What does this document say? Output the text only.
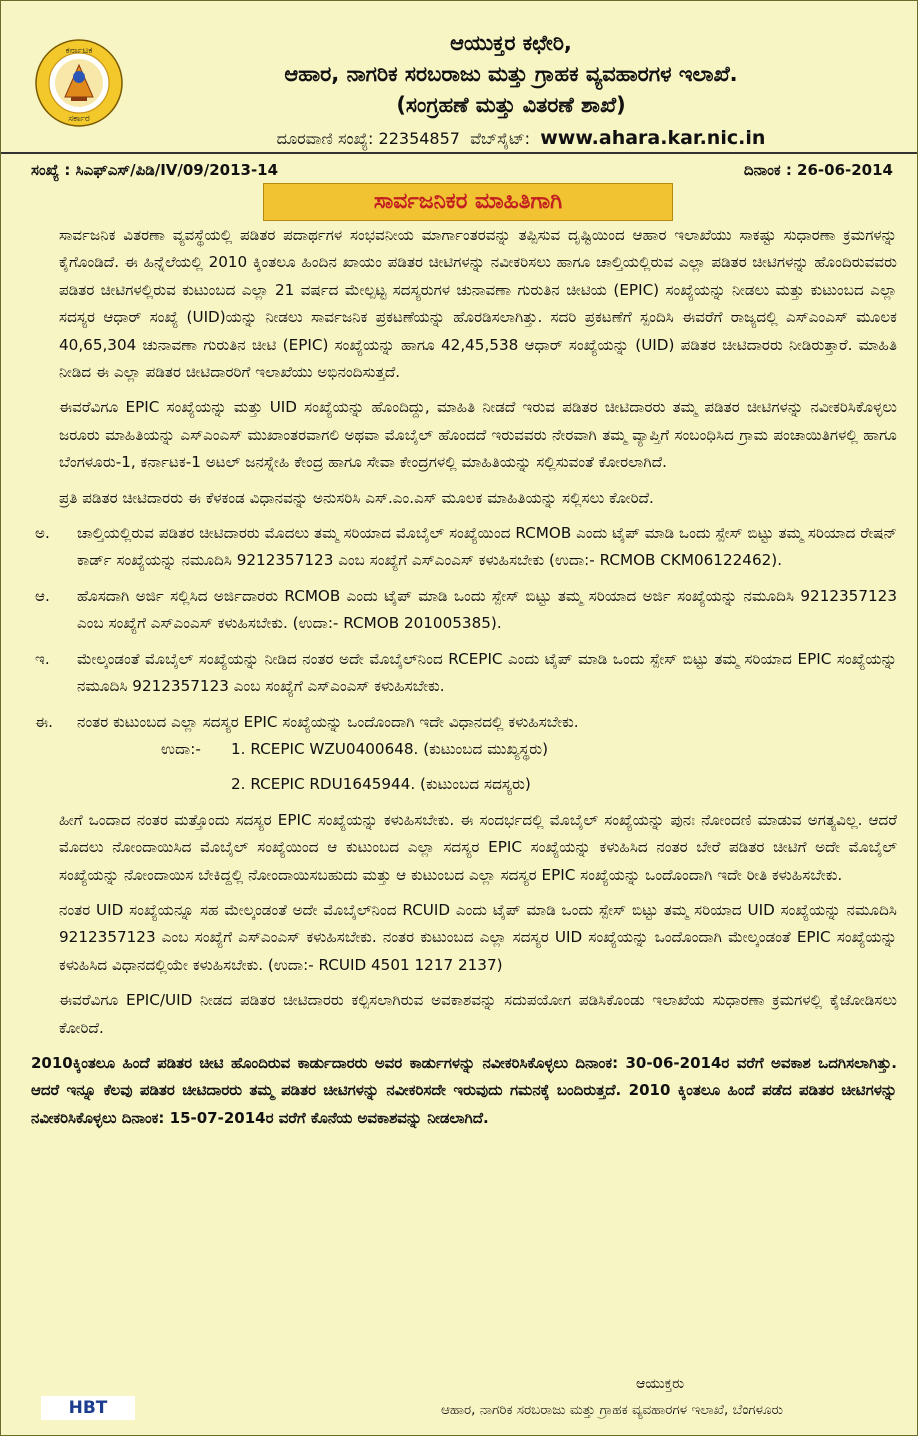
ಕರ್ನಾಟಕ
ಸರ್ಕಾರ
ಆಯುಕ್ತರ ಕಛೇರಿ,
ಆಹಾರ, ನಾಗರಿಕ ಸರಬರಾಜು ಮತ್ತು ಗ್ರಾಹಕ ವ್ಯವಹಾರಗಳ ಇಲಾಖೆ.
(ಸಂಗ್ರಹಣೆ ಮತ್ತು ವಿತರಣೆ ಶಾಖೆ)
ದೂರವಾಣಿ ಸಂಖ್ಯೆ: 22354857 ವೆಬ್‌ಸೈಟ್: www.ahara.kar.nic.in
ಸಂಖ್ಯೆ : ಸಿಎಫ್‌ಎಸ್/ಪಿಡಿ/IV/09/2013-14	ದಿನಾಂಕ : 26-06-2014
ಸಾರ್ವಜನಿಕರ ಮಾಹಿತಿಗಾಗಿ

ಸಾರ್ವಜನಿಕ ವಿತರಣಾ ವ್ಯವಸ್ಥೆಯಲ್ಲಿ ಪಡಿತರ ಪದಾರ್ಥಗಳ ಸಂಭವನೀಯ ಮಾರ್ಗಾಂತರವನ್ನು ತಪ್ಪಿಸುವ ದೃಷ್ಟಿಯಿಂದ ಆಹಾರ ಇಲಾಖೆಯು ಸಾಕಷ್ಟು ಸುಧಾರಣಾ ಕ್ರಮಗಳನ್ನು ಕೈಗೊಂಡಿದೆ. ಈ ಹಿನ್ನೆಲೆಯಲ್ಲಿ 2010 ಕ್ಕಿಂತಲೂ ಹಿಂದಿನ ಖಾಯಂ ಪಡಿತರ ಚೀಟಿಗಳನ್ನು ನವೀಕರಿಸಲು ಹಾಗೂ ಚಾಲ್ತಿಯಲ್ಲಿರುವ ಎಲ್ಲಾ ಪಡಿತರ ಚೀಟಿಗಳನ್ನು ಹೊಂದಿರುವವರು ಪಡಿತರ ಚೀಟಿಗಳಲ್ಲಿರುವ ಕುಟುಂಬದ ಎಲ್ಲಾ 21 ವರ್ಷದ ಮೇಲ್ಪಟ್ಟ ಸದಸ್ಯರುಗಳ ಚುನಾವಣಾ ಗುರುತಿನ ಚೀಟಿಯ (EPIC) ಸಂಖ್ಯೆಯನ್ನು ನೀಡಲು ಮತ್ತು ಕುಟುಂಬದ ಎಲ್ಲಾ ಸದಸ್ಯರ ಆಧಾರ್ ಸಂಖ್ಯೆ (UID)ಯನ್ನು ನೀಡಲು ಸಾರ್ವಜನಿಕ ಪ್ರಕಟಣೆಯನ್ನು ಹೊರಡಿಸಲಾಗಿತ್ತು. ಸದರಿ ಪ್ರಕಟಣೆಗೆ ಸ್ಪಂದಿಸಿ ಈವರೆಗೆ ರಾಜ್ಯದಲ್ಲಿ ಎಸ್‌ಎಂಎಸ್ ಮೂಲಕ 40,65,304 ಚುನಾವಣಾ ಗುರುತಿನ ಚೀಟಿ (EPIC) ಸಂಖ್ಯೆಯನ್ನು ಹಾಗೂ 42,45,538 ಆಧಾರ್ ಸಂಖ್ಯೆಯನ್ನು (UID) ಪಡಿತರ ಚೀಟಿದಾರರು ನೀಡಿರುತ್ತಾರೆ. ಮಾಹಿತಿ ನೀಡಿದ ಈ ಎಲ್ಲಾ ಪಡಿತರ ಚೀಟಿದಾರರಿಗೆ ಇಲಾಖೆಯು ಅಭಿನಂದಿಸುತ್ತದೆ.

ಈವರೆವಿಗೂ EPIC ಸಂಖ್ಯೆಯನ್ನು ಮತ್ತು UID ಸಂಖ್ಯೆಯನ್ನು ಹೊಂದಿದ್ದು, ಮಾಹಿತಿ ನೀಡದೆ ಇರುವ ಪಡಿತರ ಚೀಟಿದಾರರು ತಮ್ಮ ಪಡಿತರ ಚೀಟಿಗಳನ್ನು ನವೀಕರಿಸಿಕೊಳ್ಳಲು ಜರೂರು ಮಾಹಿತಿಯನ್ನು ಎಸ್‌ಎಂಎಸ್ ಮುಖಾಂತರವಾಗಲಿ ಅಥವಾ ಮೊಬೈಲ್ ಹೊಂದದೆ ಇರುವವರು ನೇರವಾಗಿ ತಮ್ಮ ವ್ಯಾಪ್ತಿಗೆ ಸಂಬಂಧಿಸಿದ ಗ್ರಾಮ ಪಂಚಾಯಿತಿಗಳಲ್ಲಿ ಹಾಗೂ ಬೆಂಗಳೂರು-1, ಕರ್ನಾಟಕ-1 ಅಟಲ್ ಜನಸ್ನೇಹಿ ಕೇಂದ್ರ ಹಾಗೂ ಸೇವಾ ಕೇಂದ್ರಗಳಲ್ಲಿ ಮಾಹಿತಿಯನ್ನು ಸಲ್ಲಿಸುವಂತೆ ಕೋರಲಾಗಿದೆ.

ಪ್ರತಿ ಪಡಿತರ ಚೀಟಿದಾರರು ಈ ಕೆಳಕಂಡ ವಿಧಾನವನ್ನು ಅನುಸರಿಸಿ ಎಸ್.ಎಂ.ಎಸ್ ಮೂಲಕ ಮಾಹಿತಿಯನ್ನು ಸಲ್ಲಿಸಲು ಕೋರಿದೆ.

ಅ.	ಚಾಲ್ತಿಯಲ್ಲಿರುವ ಪಡಿತರ ಚೀಟಿದಾರರು ಮೊದಲು ತಮ್ಮ ಸರಿಯಾದ ಮೊಬೈಲ್ ಸಂಖ್ಯೆಯಿಂದ RCMOB ಎಂದು ಟೈಪ್ ಮಾಡಿ ಒಂದು ಸ್ಪೇಸ್ ಬಿಟ್ಟು ತಮ್ಮ ಸರಿಯಾದ ರೇಷನ್ ಕಾರ್ಡ್ ಸಂಖ್ಯೆಯನ್ನು ನಮೂದಿಸಿ 9212357123 ಎಂಬ ಸಂಖ್ಯೆಗೆ ಎಸ್‌ಎಂಎಸ್ ಕಳುಹಿಸಬೇಕು (ಉದಾ:- RCMOB CKM06122462).
ಆ.	ಹೊಸದಾಗಿ ಅರ್ಜಿ ಸಲ್ಲಿಸಿದ ಅರ್ಜಿದಾರರು RCMOB ಎಂದು ಟೈಪ್ ಮಾಡಿ ಒಂದು ಸ್ಪೇಸ್ ಬಿಟ್ಟು ತಮ್ಮ ಸರಿಯಾದ ಅರ್ಜಿ ಸಂಖ್ಯೆಯನ್ನು ನಮೂದಿಸಿ 9212357123 ಎಂಬ ಸಂಖ್ಯೆಗೆ ಎಸ್‌ಎಂಎಸ್ ಕಳುಹಿಸಬೇಕು. (ಉದಾ:- RCMOB 201005385).
ಇ.	ಮೇಲ್ಕಂಡಂತೆ ಮೊಬೈಲ್ ಸಂಖ್ಯೆಯನ್ನು ನೀಡಿದ ನಂತರ ಅದೇ ಮೊಬೈಲ್‌ನಿಂದ RCEPIC ಎಂದು ಟೈಪ್ ಮಾಡಿ ಒಂದು ಸ್ಪೇಸ್ ಬಿಟ್ಟು ತಮ್ಮ ಸರಿಯಾದ EPIC ಸಂಖ್ಯೆಯನ್ನು ನಮೂದಿಸಿ 9212357123 ಎಂಬ ಸಂಖ್ಯೆಗೆ ಎಸ್‌ಎಂಎಸ್ ಕಳುಹಿಸಬೇಕು.
ಈ.	ನಂತರ ಕುಟುಂಬದ ಎಲ್ಲಾ ಸದಸ್ಯರ EPIC ಸಂಖ್ಯೆಯನ್ನು ಒಂದೊಂದಾಗಿ ಇದೇ ವಿಧಾನದಲ್ಲಿ ಕಳುಹಿಸಬೇಕು.

ಉದಾ:- 1. RCEPIC WZU0400648. (ಕುಟುಂಬದ ಮುಖ್ಯಸ್ಥರು)

2. RCEPIC RDU1645944. (ಕುಟುಂಬದ ಸದಸ್ಯರು)

ಹೀಗೆ ಒಂದಾದ ನಂತರ ಮತ್ತೊಂದು ಸದಸ್ಯರ EPIC ಸಂಖ್ಯೆಯನ್ನು ಕಳುಹಿಸಬೇಕು. ಈ ಸಂದರ್ಭದಲ್ಲಿ ಮೊಬೈಲ್ ಸಂಖ್ಯೆಯನ್ನು ಪುನಃ ನೋಂದಣಿ ಮಾಡುವ ಅಗತ್ಯವಿಲ್ಲ. ಆದರೆ ಮೊದಲು ನೋಂದಾಯಿಸಿದ ಮೊಬೈಲ್ ಸಂಖ್ಯೆಯಿಂದ ಆ ಕುಟುಂಬದ ಎಲ್ಲಾ ಸದಸ್ಯರ EPIC ಸಂಖ್ಯೆಯನ್ನು ಕಳುಹಿಸಿದ ನಂತರ ಬೇರೆ ಪಡಿತರ ಚೀಟಿಗೆ ಅದೇ ಮೊಬೈಲ್ ಸಂಖ್ಯೆಯನ್ನು ನೋಂದಾಯಿಸ ಬೇಕಿದ್ದಲ್ಲಿ ನೋಂದಾಯಿಸಬಹುದು ಮತ್ತು ಆ ಕುಟುಂಬದ ಎಲ್ಲಾ ಸದಸ್ಯರ EPIC ಸಂಖ್ಯೆಯನ್ನು ಒಂದೊಂದಾಗಿ ಇದೇ ರೀತಿ ಕಳುಹಿಸಬೇಕು.

ನಂತರ UID ಸಂಖ್ಯೆಯನ್ನೂ ಸಹ ಮೇಲ್ಕಂಡಂತೆ ಅದೇ ಮೊಬೈಲ್‌ನಿಂದ RCUID ಎಂದು ಟೈಪ್ ಮಾಡಿ ಒಂದು ಸ್ಪೇಸ್ ಬಿಟ್ಟು ತಮ್ಮ ಸರಿಯಾದ UID ಸಂಖ್ಯೆಯನ್ನು ನಮೂದಿಸಿ 9212357123 ಎಂಬ ಸಂಖ್ಯೆಗೆ ಎಸ್‌ಎಂಎಸ್ ಕಳುಹಿಸಬೇಕು. ನಂತರ ಕುಟುಂಬದ ಎಲ್ಲಾ ಸದಸ್ಯರ UID ಸಂಖ್ಯೆಯನ್ನು ಒಂದೊಂದಾಗಿ ಮೇಲ್ಕಂಡಂತೆ EPIC ಸಂಖ್ಯೆಯನ್ನು ಕಳುಹಿಸಿದ ವಿಧಾನದಲ್ಲಿಯೇ ಕಳುಹಿಸಬೇಕು. (ಉದಾ:- RCUID 4501 1217 2137)

ಈವರೆವಿಗೂ EPIC/UID ನೀಡದ ಪಡಿತರ ಚೀಟಿದಾರರು ಕಲ್ಪಿಸಲಾಗಿರುವ ಅವಕಾಶವನ್ನು ಸದುಪಯೋಗ ಪಡಿಸಿಕೊಂಡು ಇಲಾಖೆಯ ಸುಧಾರಣಾ ಕ್ರಮಗಳಲ್ಲಿ ಕೈಜೋಡಿಸಲು ಕೋರಿದೆ.

2010ಕ್ಕಿಂತಲೂ ಹಿಂದೆ ಪಡಿತರ ಚೀಟಿ ಹೊಂದಿರುವ ಕಾರ್ಡುದಾರರು ಅವರ ಕಾರ್ಡುಗಳನ್ನು ನವೀಕರಿಸಿಕೊಳ್ಳಲು ದಿನಾಂಕ: 30-06-2014ರ ವರೆಗೆ ಅವಕಾಶ ಒದಗಿಸಲಾಗಿತ್ತು. ಆದರೆ ಇನ್ನೂ ಕೆಲವು ಪಡಿತರ ಚೀಟಿದಾರರು ತಮ್ಮ ಪಡಿತರ ಚೀಟಿಗಳನ್ನು ನವೀಕರಿಸದೇ ಇರುವುದು ಗಮನಕ್ಕೆ ಬಂದಿರುತ್ತದೆ. 2010 ಕ್ಕಿಂತಲೂ ಹಿಂದೆ ಪಡೆದ ಪಡಿತರ ಚೀಟಿಗಳನ್ನು ನವೀಕರಿಸಿಕೊಳ್ಳಲು ದಿನಾಂಕ: 15-07-2014ರ ವರೆಗೆ ಕೊನೆಯ ಅವಕಾಶವನ್ನು ನೀಡಲಾಗಿದೆ.

ಆಯುಕ್ತರು
ಆಹಾರ, ನಾಗರಿಕ ಸರಬರಾಜು ಮತ್ತು ಗ್ರಾಹಕ ವ್ಯವಹಾರಗಳ ಇಲಾಖೆ, ಬೆಂಗಳೂರು
HBT
